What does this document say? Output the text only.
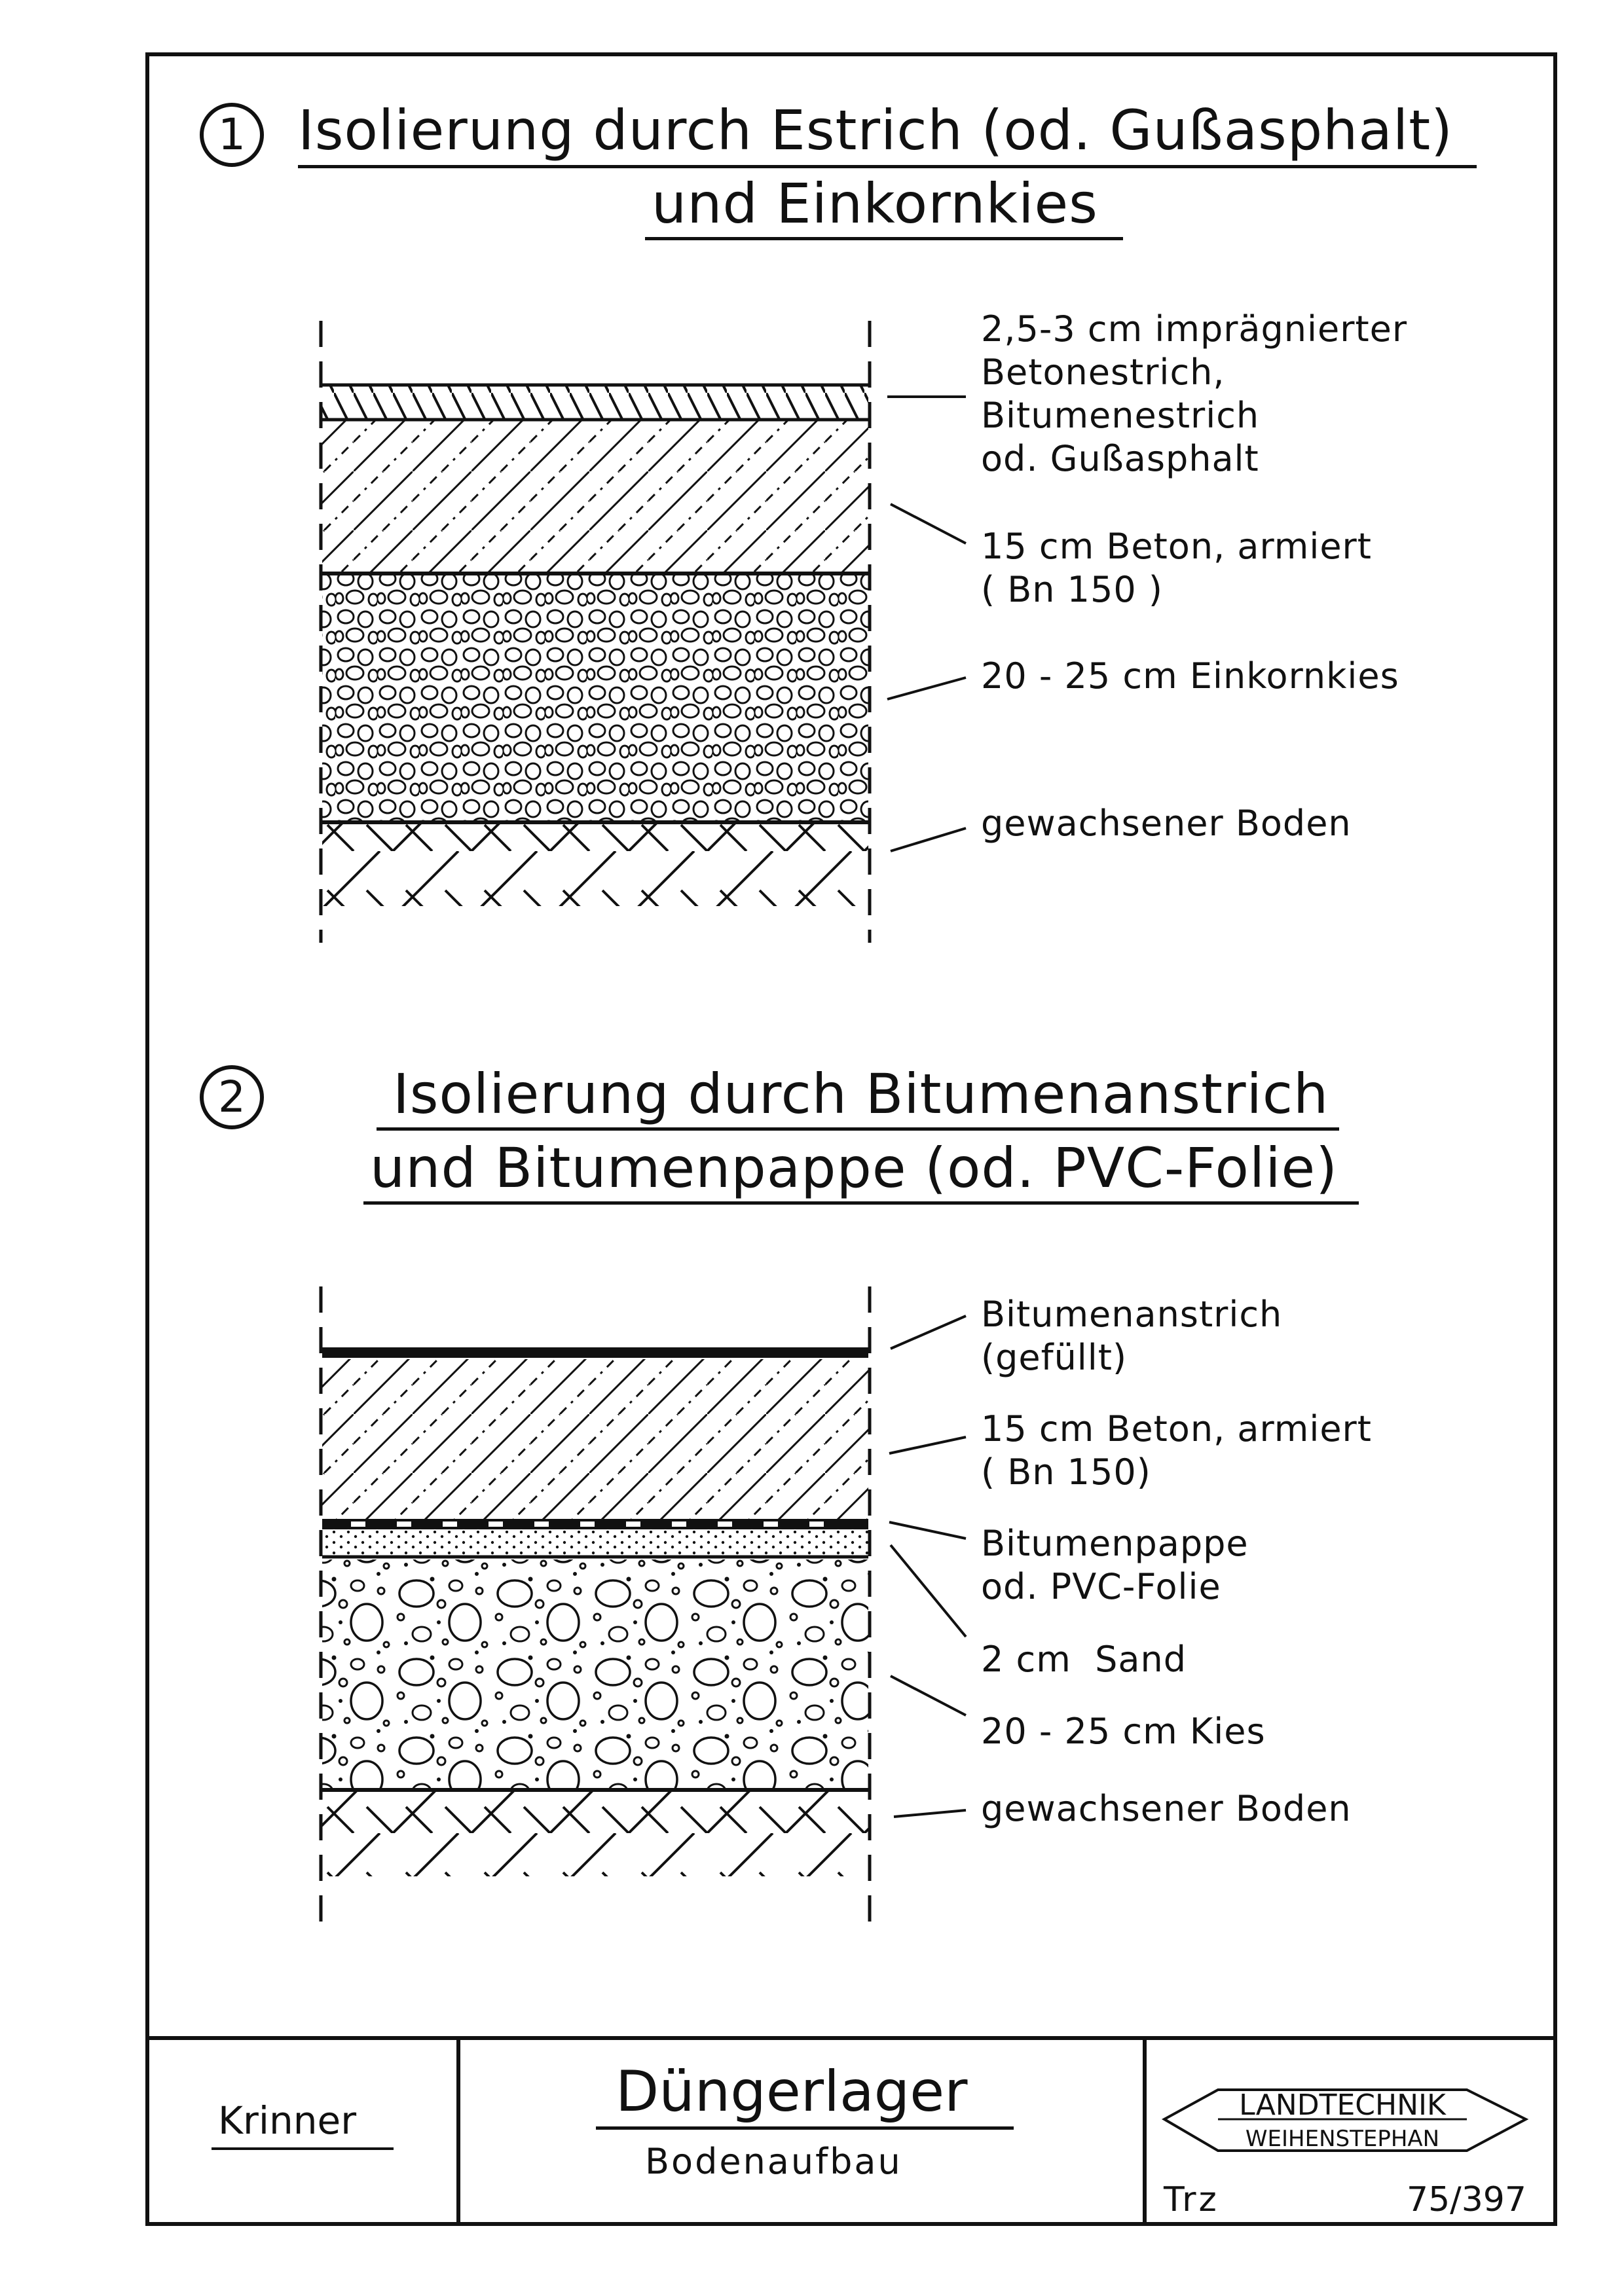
1 Isolierung durch Estrich (od. Gußasphalt)
und Einkornkies
2	Isolierung durch Bitumenanstrich
und Bitumenpappe (od. PVC-Folie)
2,5-3 cm imprägnierter
Betonestrich,
Bitumenestrich
od. Gußasphalt
15 cm Beton, armiert
( Bn 150 )
20 - 25 cm Einkornkies
gewachsener Boden
Bitumenanstrich
(gefüllt)
15 cm Beton, armiert
( Bn 150)
Bitumenpappe
od. PVC-Folie
2 cm  Sand
20 - 25 cm Kies
gewachsener Boden
Krinner	Düngerlager
Bodenaufbau
LANDTECHNIK
WEIHENSTEPHAN
Trz	75/397
